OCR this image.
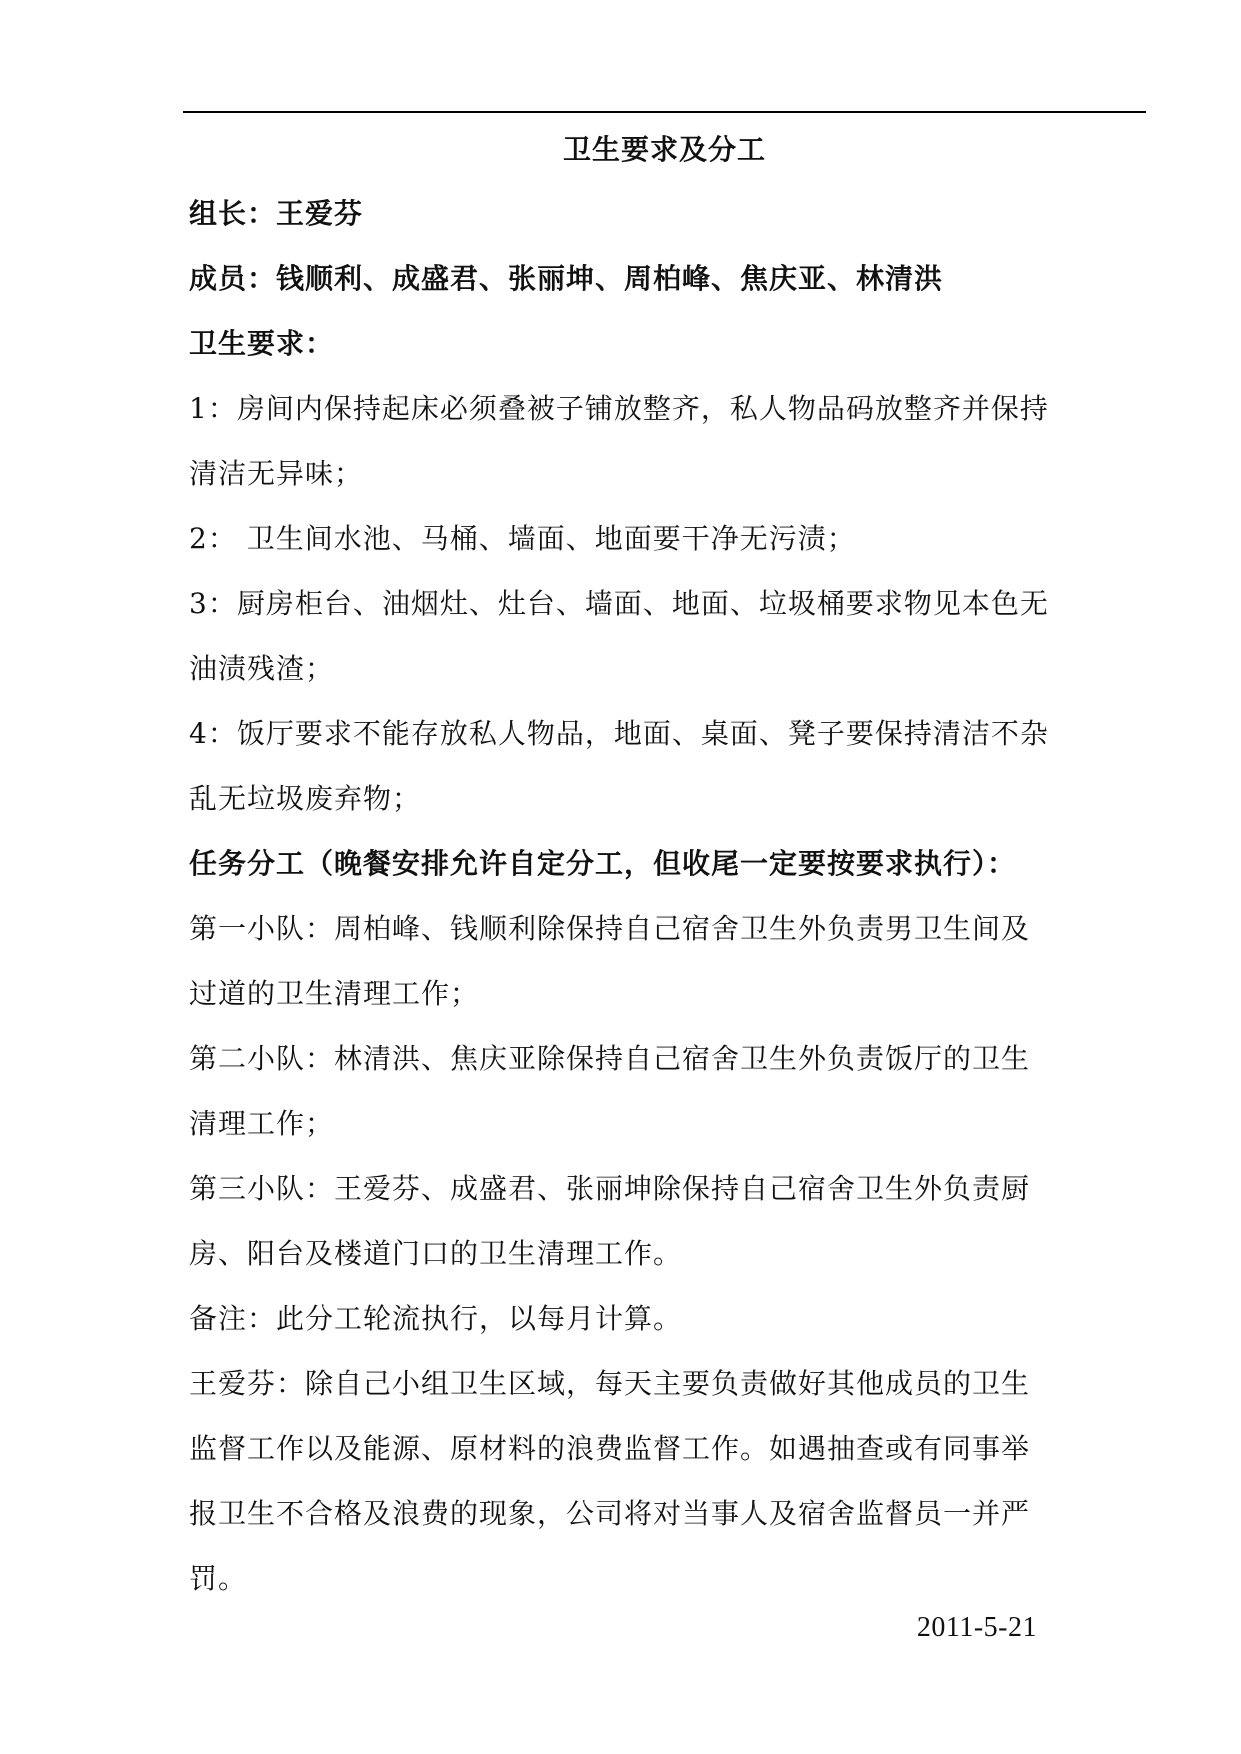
卫生要求及分工
组长：王爱芬
成员：钱顺利、成盛君、张丽坤、周柏峰、焦庆亚、林清洪
卫生要求：
1：房间内保持起床必须叠被子铺放整齐，私人物品码放整齐并保持
清洁无异味；
2： 卫生间水池、马桶、墙面、地面要干净无污渍；
3：厨房柜台、油烟灶、灶台、墙面、地面、垃圾桶要求物见本色无
油渍残渣；
4：饭厅要求不能存放私人物品，地面、桌面、凳子要保持清洁不杂
乱无垃圾废弃物；
任务分工（晚餐安排允许自定分工，但收尾一定要按要求执行）：
第一小队：周柏峰、钱顺利除保持自己宿舍卫生外负责男卫生间及
过道的卫生清理工作；
第二小队：林清洪、焦庆亚除保持自己宿舍卫生外负责饭厅的卫生
清理工作；
第三小队：王爱芬、成盛君、张丽坤除保持自己宿舍卫生外负责厨
房、阳台及楼道门口的卫生清理工作。
备注：此分工轮流执行，以每月计算。
王爱芬：除自己小组卫生区域，每天主要负责做好其他成员的卫生
监督工作以及能源、原材料的浪费监督工作。如遇抽查或有同事举
报卫生不合格及浪费的现象，公司将对当事人及宿舍监督员一并严
罚。
2011-5-21
